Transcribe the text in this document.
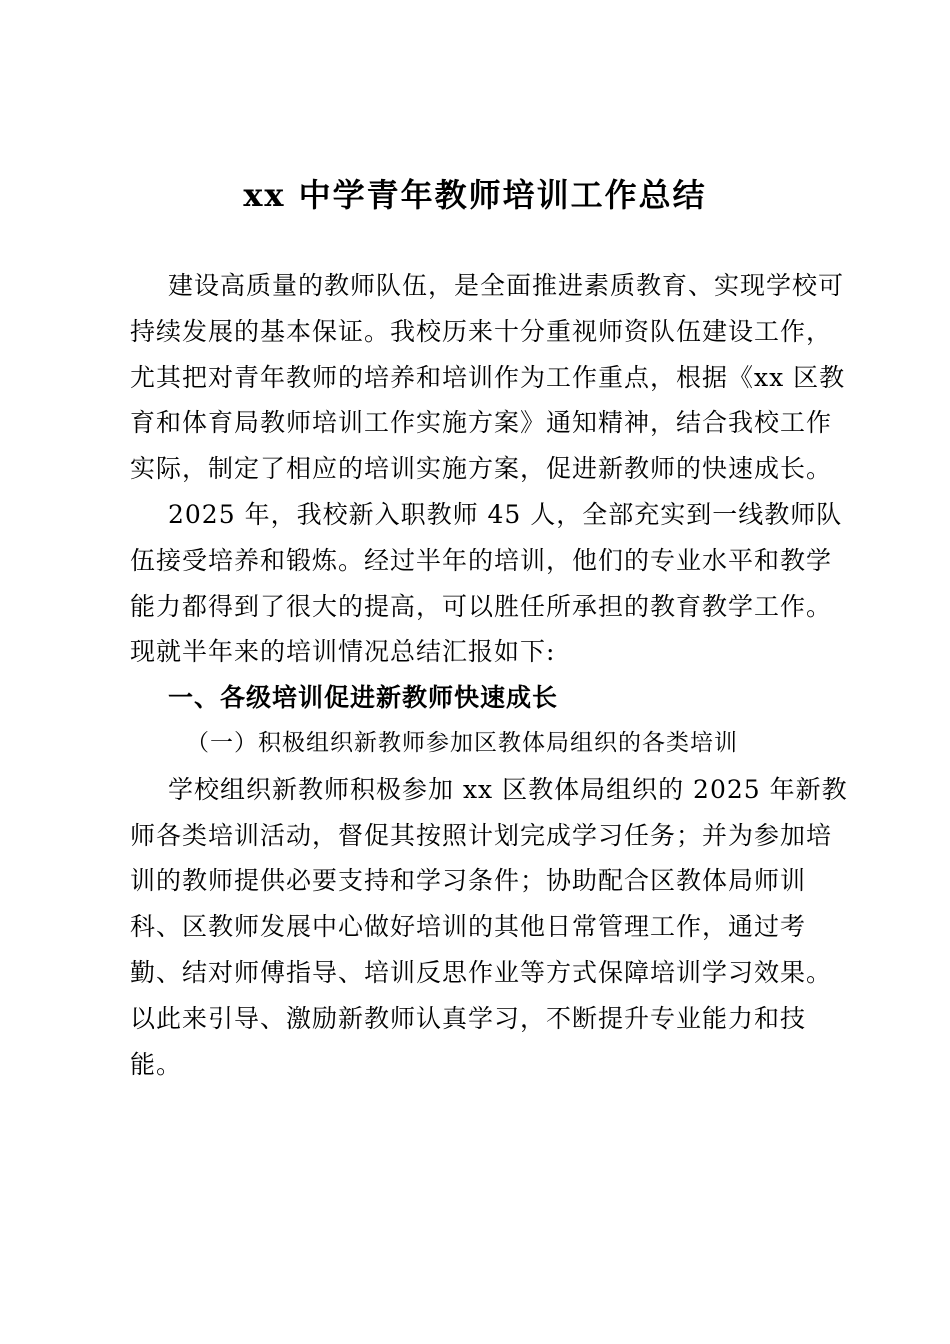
xx 中学青年教师培训工作总结
建设高质量的教师队伍，是全面推进素质教育、实现学校可
持续发展的基本保证。我校历来十分重视师资队伍建设工作，
尤其把对青年教师的培养和培训作为工作重点，根据《xx 区教
育和体育局教师培训工作实施方案》通知精神，结合我校工作
实际，制定了相应的培训实施方案，促进新教师的快速成长。
2025 年，我校新入职教师 45 人，全部充实到一线教师队
伍接受培养和锻炼。经过半年的培训，他们的专业水平和教学
能力都得到了很大的提高，可以胜任所承担的教育教学工作。
现就半年来的培训情况总结汇报如下:
一、各级培训促进新教师快速成长
（一）积极组织新教师参加区教体局组织的各类培训
学校组织新教师积极参加 xx 区教体局组织的 2025 年新教
师各类培训活动，督促其按照计划完成学习任务；并为参加培
训的教师提供必要支持和学习条件；协助配合区教体局师训
科、区教师发展中心做好培训的其他日常管理工作，通过考
勤、结对师傅指导、培训反思作业等方式保障培训学习效果。
以此来引导、激励新教师认真学习，不断提升专业能力和技
能。
